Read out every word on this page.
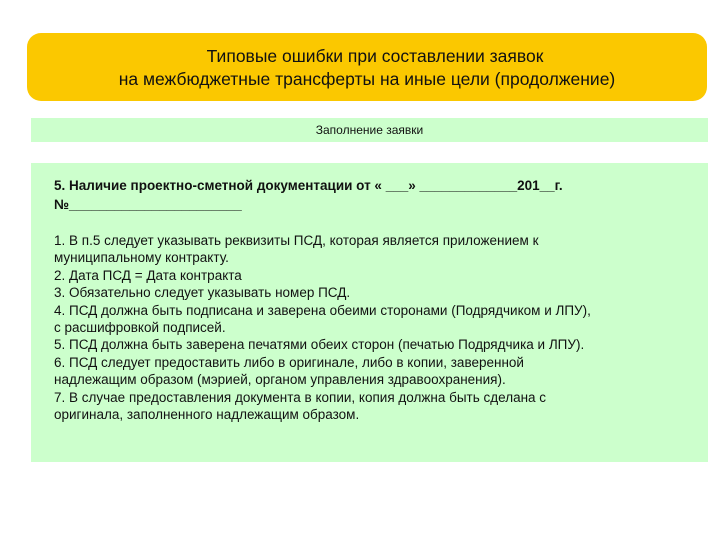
Типовые ошибки при составлении заявок
на межбюджетные трансферты на иные цели (продолжение)
Заполнение заявки
5. Наличие проектно-сметной документации от « ___» _____________201__г.
№_______________________
1. В п.5 следует указывать реквизиты ПСД, которая является приложением к
муниципальному контракту.
2. Дата ПСД = Дата контракта
3. Обязательно следует указывать номер ПСД.
4. ПСД должна быть подписана и заверена обеими сторонами (Подрядчиком и ЛПУ),
с расшифровкой подписей.
5. ПСД должна быть заверена печатями обеих сторон (печатью Подрядчика и ЛПУ).
6. ПСД следует предоставить либо в оригинале, либо в копии, заверенной
надлежащим образом (мэрией, органом управления здравоохранения).
7. В случае предоставления документа в копии, копия должна быть сделана с
оригинала, заполненного надлежащим образом.
